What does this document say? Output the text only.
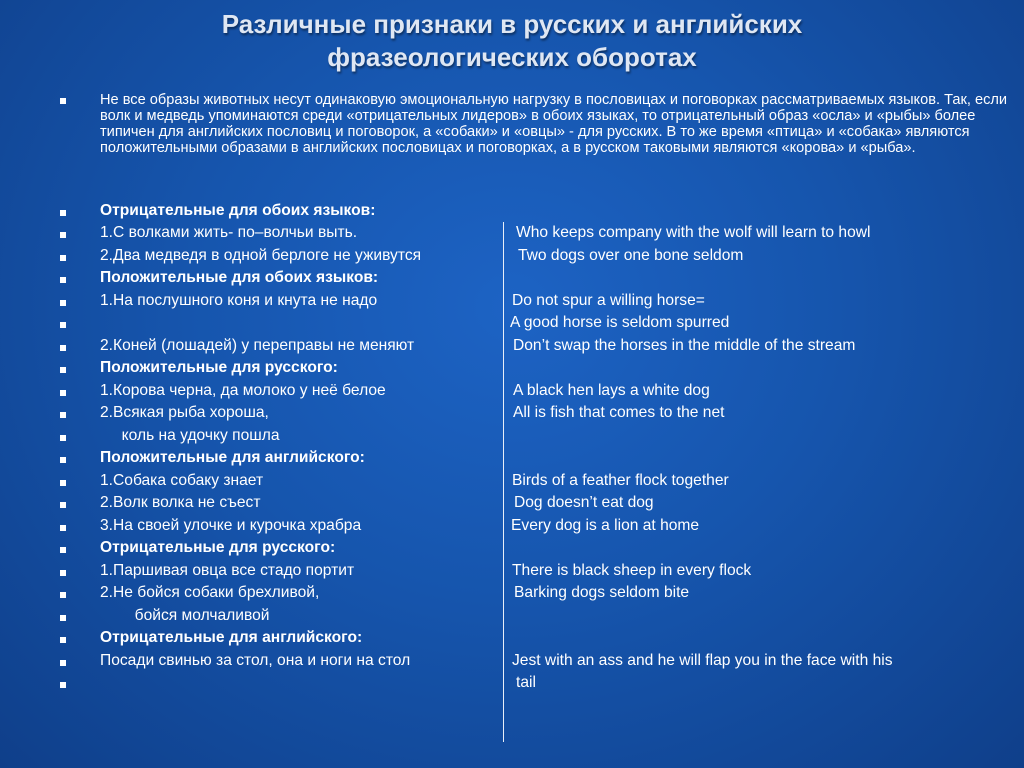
Различные признаки в русских и английских
фразеологических оборотах
Не все образы животных несут одинаковую эмоциональную нагрузку в пословицах и поговорках рассматриваемых языков. Так, если волк и медведь упоминаются среди «отрицательных лидеров» в обоих языках, то отрицательный образ «осла» и «рыбы» более типичен для английских пословиц и поговорок, а «собаки» и «овцы» - для русских. В то же время «птица» и «собака» являются положительными образами в английских пословицах и поговорках, а в русском таковыми являются «корова» и «рыба».
Отрицательные для обоих языков:
1.С волками жить- по–волчьи выть.	Who keeps company with the wolf will learn to howl
2.Два медведя в одной берлоге не уживутся	Two dogs over one bone seldom
Положительные для обоих языков:
1.На послушного коня и кнута не надо	Do not spur a willing horse=
A good horse is seldom spurred
2.Коней (лошадей) у переправы не меняют	Don’t swap the horses in the middle of the stream
Положительные для русского:
1.Корова черна, да молоко у неё белое	A black hen lays a white dog
2.Всякая рыба хороша,	All is fish that comes to the net
коль на удочку пошла
Положительные для английского:
1.Собака собаку знает	Birds of a feather flock together
2.Волк волка не съест	Dog doesn’t eat dog
3.На своей улочке и курочка храбра	Every dog is a lion at home
Отрицательные для русского:
1.Паршивая овца все стадо портит	There is black sheep in every flock
2.Не бойся собаки брехливой,	Barking dogs seldom bite
бойся молчаливой
Отрицательные для английского:
Посади свинью за стол, она и ноги на стол	Jest with an ass and he will flap you in the face with his
tail
